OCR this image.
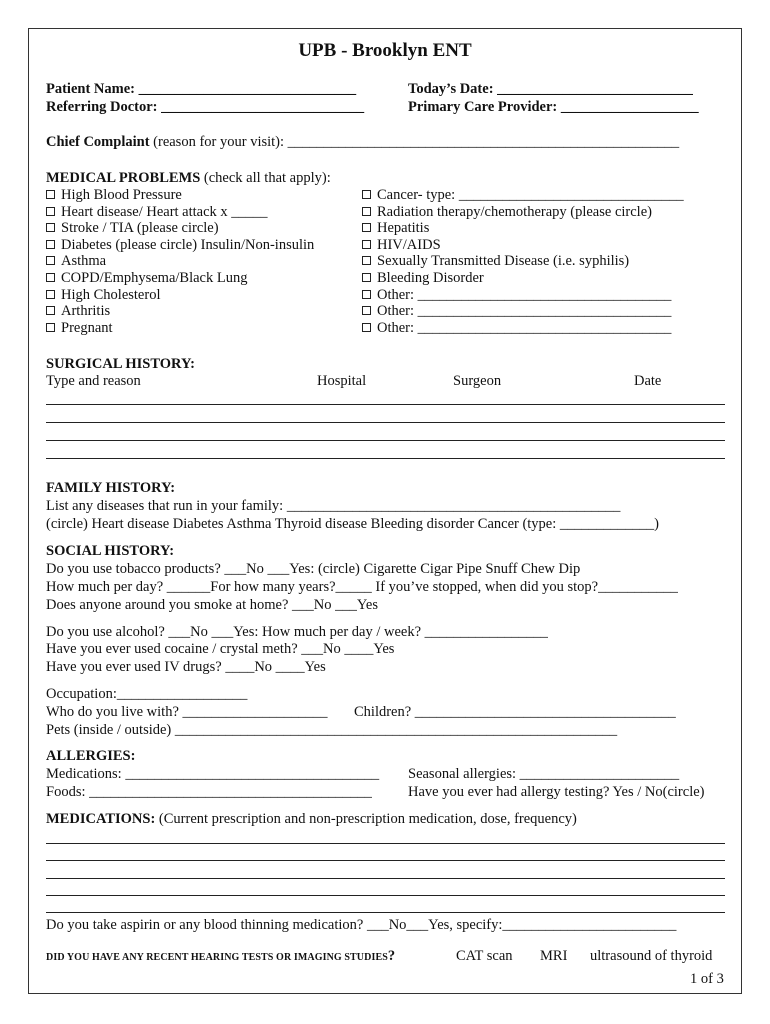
UPB - Brooklyn ENT
Patient Name: ______________________________	Today’s Date: ___________________________
Referring Doctor: ____________________________	Primary Care Provider: ___________________
Chief Complaint (reason for your visit): ______________________________________________________
MEDICAL PROBLEMS (check all that apply):
High Blood Pressure
Heart disease/ Heart attack x _____
Stroke / TIA (please circle)
Diabetes (please circle) Insulin/Non-insulin
Asthma
COPD/Emphysema/Black Lung
High Cholesterol
Arthritis
Pregnant
Cancer- type: _______________________________
Radiation therapy/chemotherapy (please circle)
Hepatitis
HIV/AIDS
Sexually Transmitted Disease (i.e. syphilis)
Bleeding Disorder
Other: ___________________________________
Other: ___________________________________
Other: ___________________________________
SURGICAL HISTORY:
Type and reason	Hospital	Surgeon	Date
FAMILY HISTORY:
List any diseases that run in your family: ______________________________________________
(circle) Heart disease Diabetes Asthma Thyroid disease Bleeding disorder Cancer (type: _____________)
SOCIAL HISTORY:
Do you use tobacco products? ___No ___Yes: (circle) Cigarette Cigar Pipe Snuff Chew Dip
How much per day? ______For how many years?_____ If you’ve stopped, when did you stop?___________
Does anyone around you smoke at home? ___No ___Yes
Do you use alcohol? ___No ___Yes: How much per day / week? _________________
Have you ever used cocaine / crystal meth? ___No ____Yes
Have you ever used IV drugs? ____No ____Yes
Occupation:__________________
Who do you live with? ____________________ Children? ____________________________________
Pets (inside / outside) _____________________________________________________________
ALLERGIES:
Medications: ___________________________________ Seasonal allergies: ______________________
Foods: _______________________________________ Have you ever had allergy testing? Yes / No(circle)
MEDICATIONS: (Current prescription and non-prescription medication, dose, frequency)
Do you take aspirin or any blood thinning medication? ___No___Yes, specify:________________________
DID YOU HAVE ANY RECENT HEARING TESTS OR IMAGING STUDIES?	CAT scan MRI ultrasound of thyroid
1 of 3
